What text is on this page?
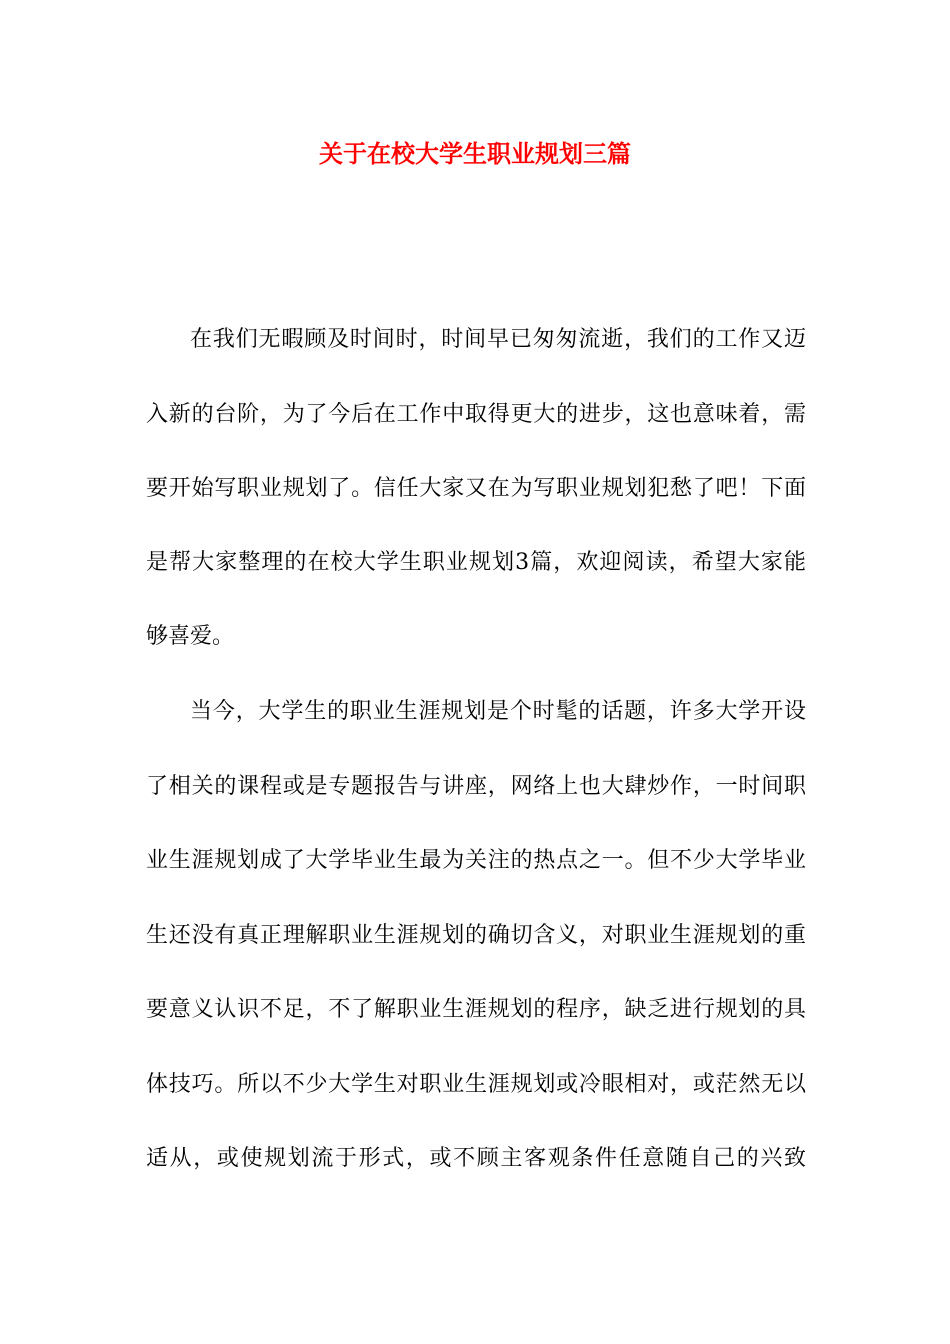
关于在校大学生职业规划三篇
在我们无暇顾及时间时，时间早已匆匆流逝，我们的工作又迈
入新的台阶，为了今后在工作中取得更大的进步，这也意味着，需
要开始写职业规划了。信任大家又在为写职业规划犯愁了吧！下面
是帮大家整理的在校大学生职业规划3篇，欢迎阅读，希望大家能
够喜爱。
当今，大学生的职业生涯规划是个时髦的话题，许多大学开设
了相关的课程或是专题报告与讲座，网络上也大肆炒作，一时间职
业生涯规划成了大学毕业生最为关注的热点之一。但不少大学毕业
生还没有真正理解职业生涯规划的确切含义，对职业生涯规划的重
要意义认识不足，不了解职业生涯规划的程序，缺乏进行规划的具
体技巧。所以不少大学生对职业生涯规划或冷眼相对，或茫然无以
适从，或使规划流于形式，或不顾主客观条件任意随自己的兴致
